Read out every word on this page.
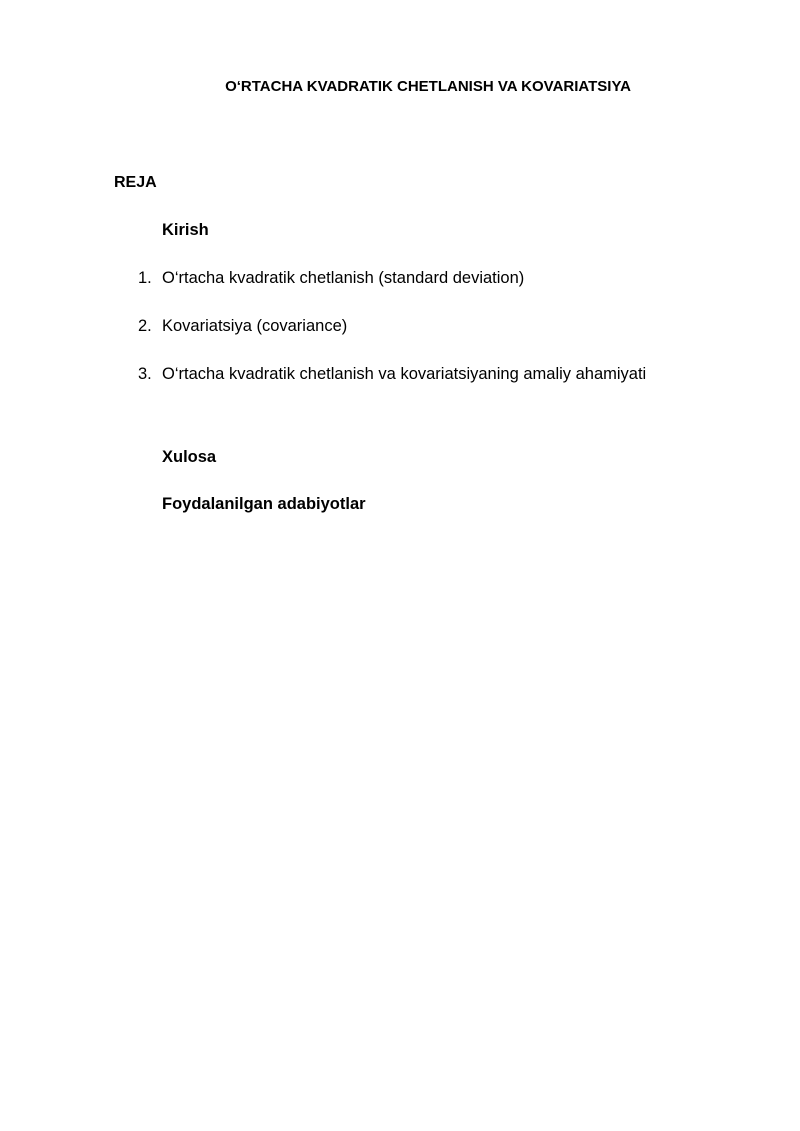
O‘RTACHA KVADRATIK CHETLANISH VA KOVARIATSIYA
REJA
Kirish
1. O‘rtacha kvadratik chetlanish (standard deviation)
2. Kovariatsiya (covariance)
3. O‘rtacha kvadratik chetlanish va kovariatsiyaning amaliy ahamiyati
Xulosa
Foydalanilgan adabiyotlar
